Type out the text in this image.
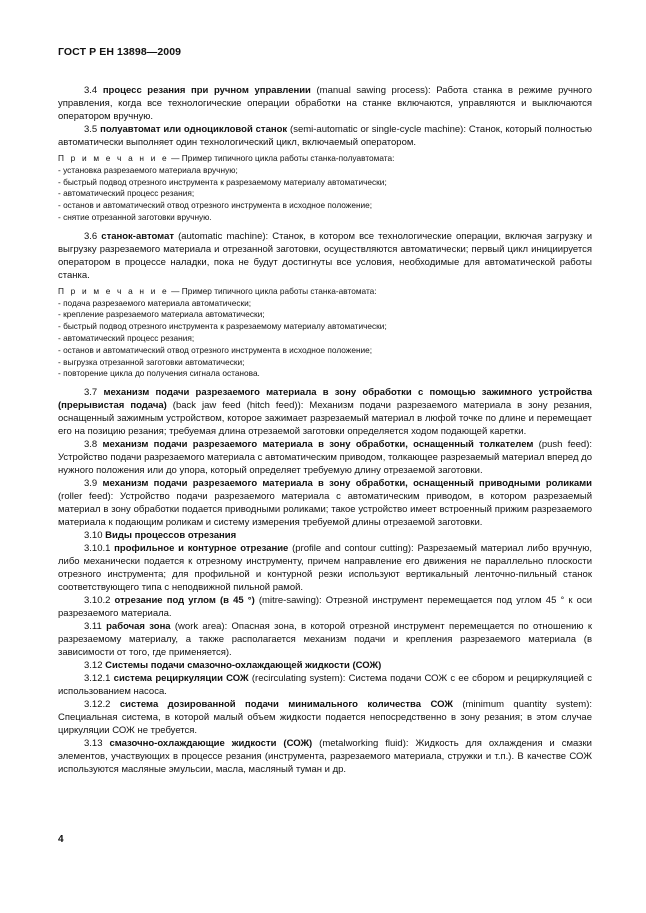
ГОСТ Р ЕН 13898—2009

3.4 процесс резания при ручном управлении (manual sawing process): Работа станка в режиме ручного управления, когда все технологические операции обработки на станке включаются, управляются и выключаются оператором вручную.

3.5 полуавтомат или одноцикловой станок (semi-automatic or single-cycle machine): Станок, который полностью автоматически выполняет один технологический цикл, включаемый оператором.

П р и м е ч а н и е — Пример типичного цикла работы станка-полуавтомата:

- установка разрезаемого материала вручную;

- быстрый подвод отрезного инструмента к разрезаемому материалу автоматически;

- автоматический процесс резания;

- останов и автоматический отвод отрезного инструмента в исходное положение;

- снятие отрезанной заготовки вручную.

3.6 станок-автомат (automatic machine): Станок, в котором все технологические операции, включая загрузку и выгрузку разрезаемого материала и отрезанной заготовки, осуществляются автоматически; первый цикл инициируется оператором в процессе наладки, пока не будут достигнуты все условия, необходимые для автоматической работы станка.

П р и м е ч а н и е — Пример типичного цикла работы станка-автомата:

- подача разрезаемого материала автоматически;

- крепление разрезаемого материала автоматически;

- быстрый подвод отрезного инструмента к разрезаемому материалу автоматически;

- автоматический процесс резания;

- останов и автоматический отвод отрезного инструмента в исходное положение;

- выгрузка отрезанной заготовки автоматически;

- повторение цикла до получения сигнала останова.

3.7 механизм подачи разрезаемого материала в зону обработки с помощью зажимного устройства (прерывистая подача) (back jaw feed (hitch feed)): Механизм подачи разрезаемого материала в зону резания, оснащенный зажимным устройством, которое зажимает разрезаемый материал в люфой точке по длине и перемещает его на позицию резания; требуемая длина отрезаемой заготовки определяется ходом подающей каретки.

3.8 механизм подачи разрезаемого материала в зону обработки, оснащенный толкателем (push feed): Устройство подачи разрезаемого материала с автоматическим приводом, толкающее разрезаемый материал вперед до нужного положения или до упора, который определяет требуемую длину отрезаемой заготовки.

3.9 механизм подачи разрезаемого материала в зону обработки, оснащенный приводными роликами (roller feed): Устройство подачи разрезаемого материала с автоматическим приводом, в котором разрезаемый материал в зону обработки подается приводными роликами; такое устройство имеет встроенный прижим разрезаемого материала к подающим роликам и систему измерения требуемой длины отрезаемой заготовки.

3.10 Виды процессов отрезания

3.10.1 профильное и контурное отрезание (profile and contour cutting): Разрезаемый материал либо вручную, либо механически подается к отрезному инструменту, причем направление его движения не параллельно плоскости отрезного инструмента; для профильной и контурной резки используют вертикальный ленточно-пильный станок соответствующего типа с неподвижной пильной рамой.

3.10.2 отрезание под углом (в 45 °) (mitre-sawing): Отрезной инструмент перемещается под углом 45 ° к оси разрезаемого материала.

3.11 рабочая зона (work area): Опасная зона, в которой отрезной инструмент перемещается по отношению к разрезаемому материалу, а также располагается механизм подачи и крепления разрезаемого материала (в зависимости от того, где применяется).

3.12 Системы подачи смазочно-охлаждающей жидкости (СОЖ)

3.12.1 система рециркуляции СОЖ (recirculating system): Система подачи СОЖ с ее сбором и рециркуляцией с использованием насоса.

3.12.2 система дозированной подачи минимального количества СОЖ (minimum quantity system): Специальная система, в которой малый объем жидкости подается непосредственно в зону резания; в этом случае циркуляции СОЖ не требуется.

3.13 смазочно-охлаждающие жидкости (СОЖ) (metalworking fluid): Жидкость для охлаждения и смазки элементов, участвующих в процессе резания (инструмента, разрезаемого материала, стружки и т.п.). В качестве СОЖ используются масляные эмульсии, масла, масляный туман и др.

4
